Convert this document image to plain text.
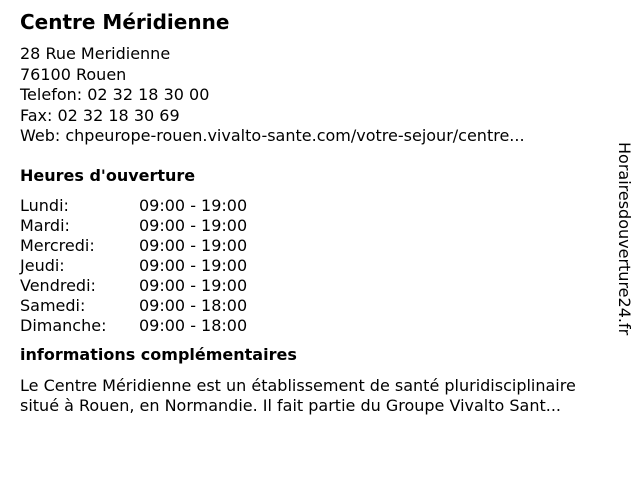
Centre Méridienne
28 Rue Meridienne
76100 Rouen
Telefon: 02 32 18 30 00
Fax: 02 32 18 30 69
Web: chpeurope-rouen.vivalto-sante.com/votre-sejour/centre...
Heures d'ouverture
Lundi:	09:00 - 19:00
Mardi:	09:00 - 19:00
Mercredi:	09:00 - 19:00
Jeudi:	09:00 - 19:00
Vendredi:	09:00 - 19:00
Samedi:	09:00 - 18:00
Dimanche:	09:00 - 18:00
informations complémentaires
Le Centre Méridienne est un établissement de santé pluridisciplinaire
situé à Rouen, en Normandie. Il fait partie du Groupe Vivalto Sant...
Horairesdouverture24.fr
